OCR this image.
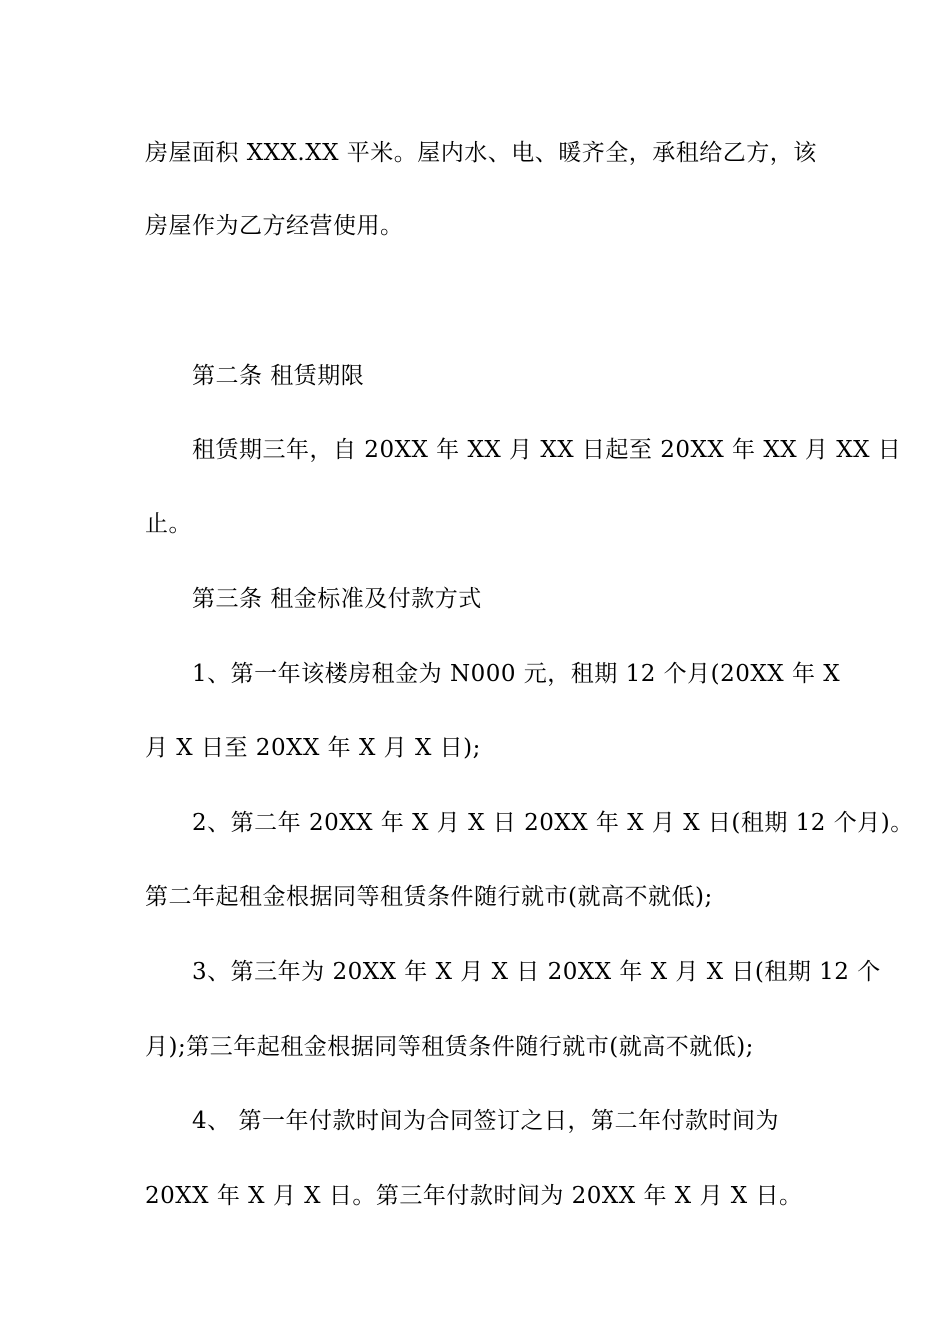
房屋面积 XXX.XX 平米。屋内水、电、暖齐全，承租给乙方，该
房屋作为乙方经营使用。
第二条 租赁期限
租赁期三年，自 20XX 年 XX 月 XX 日起至 20XX 年 XX 月 XX 日
止。
第三条 租金标准及付款方式
1、第一年该楼房租金为 N000 元，租期 12 个月(20XX 年 X
月 X 日至 20XX 年 X 月 X 日);
2、第二年 20XX 年 X 月 X 日 20XX 年 X 月 X 日(租期 12 个月)。
第二年起租金根据同等租赁条件随行就市(就高不就低);
3、第三年为 20XX 年 X 月 X 日 20XX 年 X 月 X 日(租期 12 个
月);第三年起租金根据同等租赁条件随行就市(就高不就低);
4、 第一年付款时间为合同签订之日，第二年付款时间为
20XX 年 X 月 X 日。第三年付款时间为 20XX 年 X 月 X 日。
